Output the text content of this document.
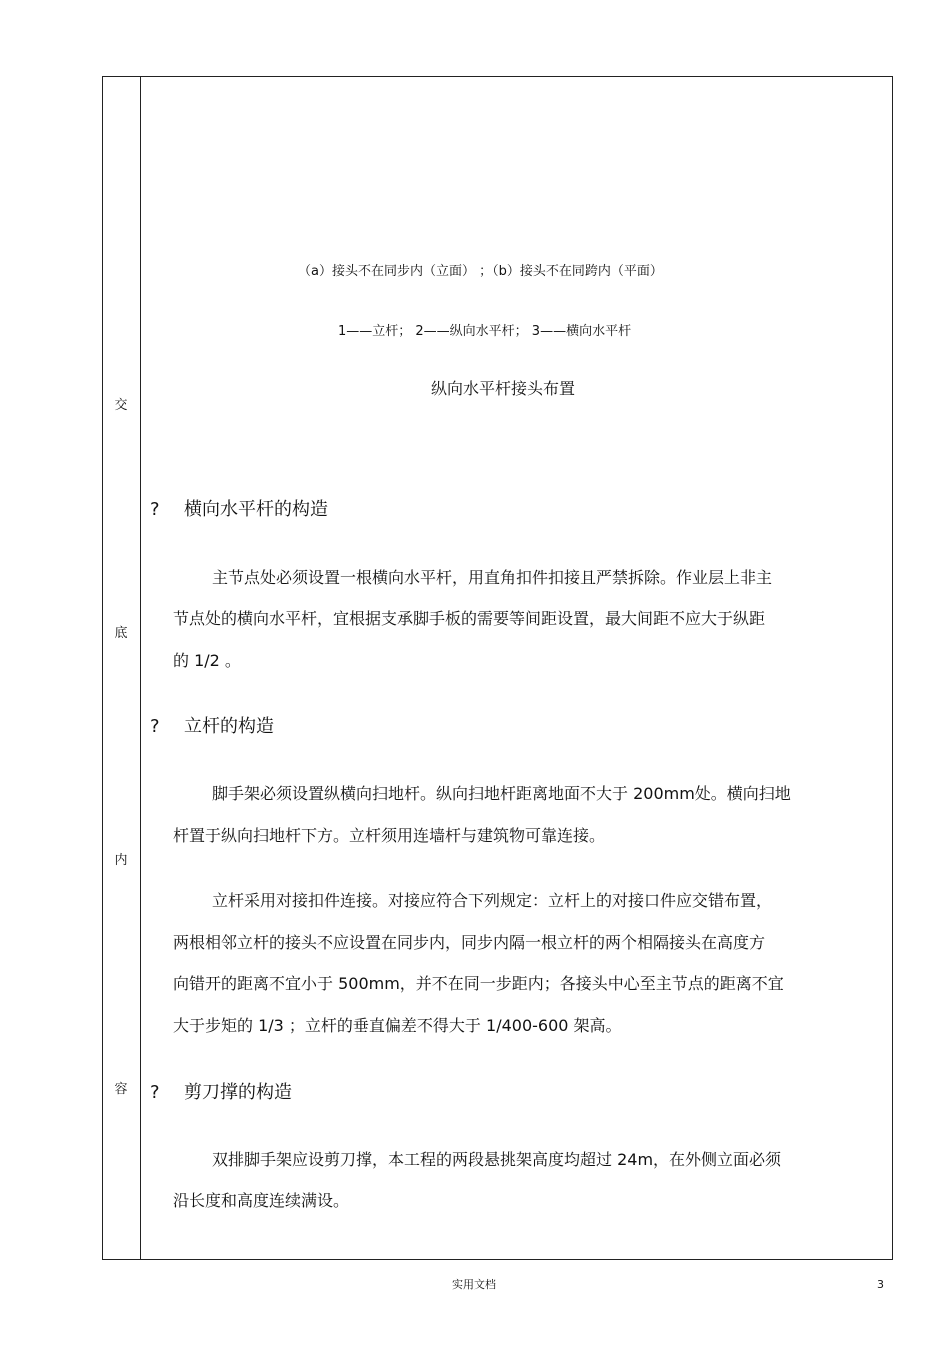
交
底
内
容
（a）接头不在同步内（立面） ；（b）接头不在同跨内（平面）
1——立杆； 2——纵向水平杆； 3——横向水平杆
纵向水平杆接头布置
? 横向水平杆的构造
主节点处必须设置一根横向水平杆，用直角扣件扣接且严禁拆除。作业层上非主
节点处的横向水平杆，宜根据支承脚手板的需要等间距设置，最大间距不应大于纵距
的 1/2 。
? 立杆的构造
脚手架必须设置纵横向扫地杆。纵向扫地杆距离地面不大于 200mm处。横向扫地
杆置于纵向扫地杆下方。立杆须用连墙杆与建筑物可靠连接。
立杆采用对接扣件连接。对接应符合下列规定：立杆上的对接口件应交错布置，
两根相邻立杆的接头不应设置在同步内，同步内隔一根立杆的两个相隔接头在高度方
向错开的距离不宜小于 500mm，并不在同一步距内；各接头中心至主节点的距离不宜
大于步矩的 1/3 ；立杆的垂直偏差不得大于 1/400-600 架高。
? 剪刀撑的构造
双排脚手架应设剪刀撑，本工程的两段悬挑架高度均超过 24m，在外侧立面必须
沿长度和高度连续满设。
实用文档	3
